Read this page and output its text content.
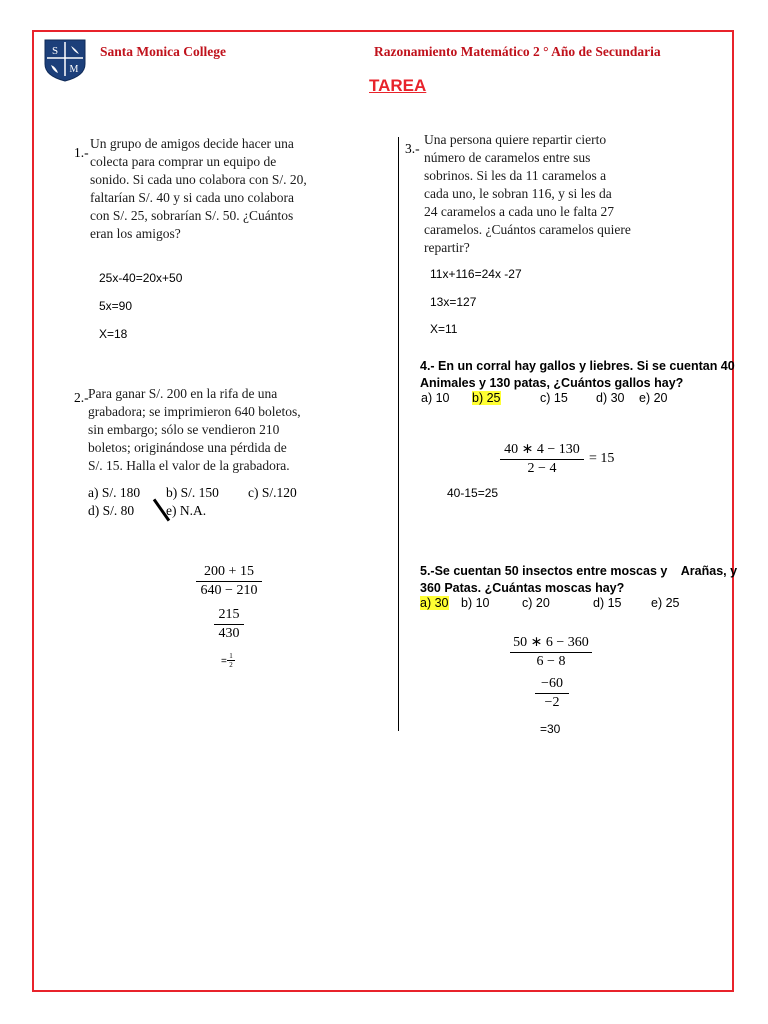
S
M
Santa Monica College	Razonamiento Matemático 2 ° Año de Secundaria
TAREA
1.-

Un grupo de amigos decide hacer una

colecta para comprar un equipo de

sonido. Si cada uno colabora con S/. 20,

faltarían S/. 40 y si cada uno colabora

con S/. 25, sobrarían S/. 50. ¿Cuántos

eran los amigos?

25x-40=20x+50
5x=90
X=18
2.- Para ganar S/. 200 en la rifa de una

grabadora; se imprimieron 640 boletos,

sin embargo; sólo se vendieron 210

boletos; originándose una pérdida de

S/. 15. Halla el valor de la grabadora.

a) S/. 180 b) S/. 150 c) S/.120
d) S/. 80 e) N.A.
$\frac{200 + 15}{640 - 210}$
$\frac{215}{430}$
= $\frac{1}{2}$
3.-

Una persona quiere repartir cierto

número de caramelos entre sus

sobrinos. Si les da 11 caramelos a

cada uno, le sobran 116, y si les da

24 caramelos a cada uno le falta 27

caramelos. ¿Cuántos caramelos quiere

repartir?

11x+116=24x -27
13x=127
X=11

4.- En un corral hay gallos y liebres. Si se cuentan 40

Animales y 130 patas, ¿Cuántos gallos hay?

a) 10 b) 25	c) 15 d) 30 e) 20
$\frac{40 ∗ 4 - 130}{2 - 4} = 15$
40-15=25

5.-Se cuentan 50 insectos entre moscas y    Arañas, y

360 Patas. ¿Cuántas moscas hay?

a) 30 b) 10	c) 20	d) 15 e) 25
$\frac{50 ∗ 6 - 360}{6 - 8}$
$\frac{-60}{-2}$
=30
